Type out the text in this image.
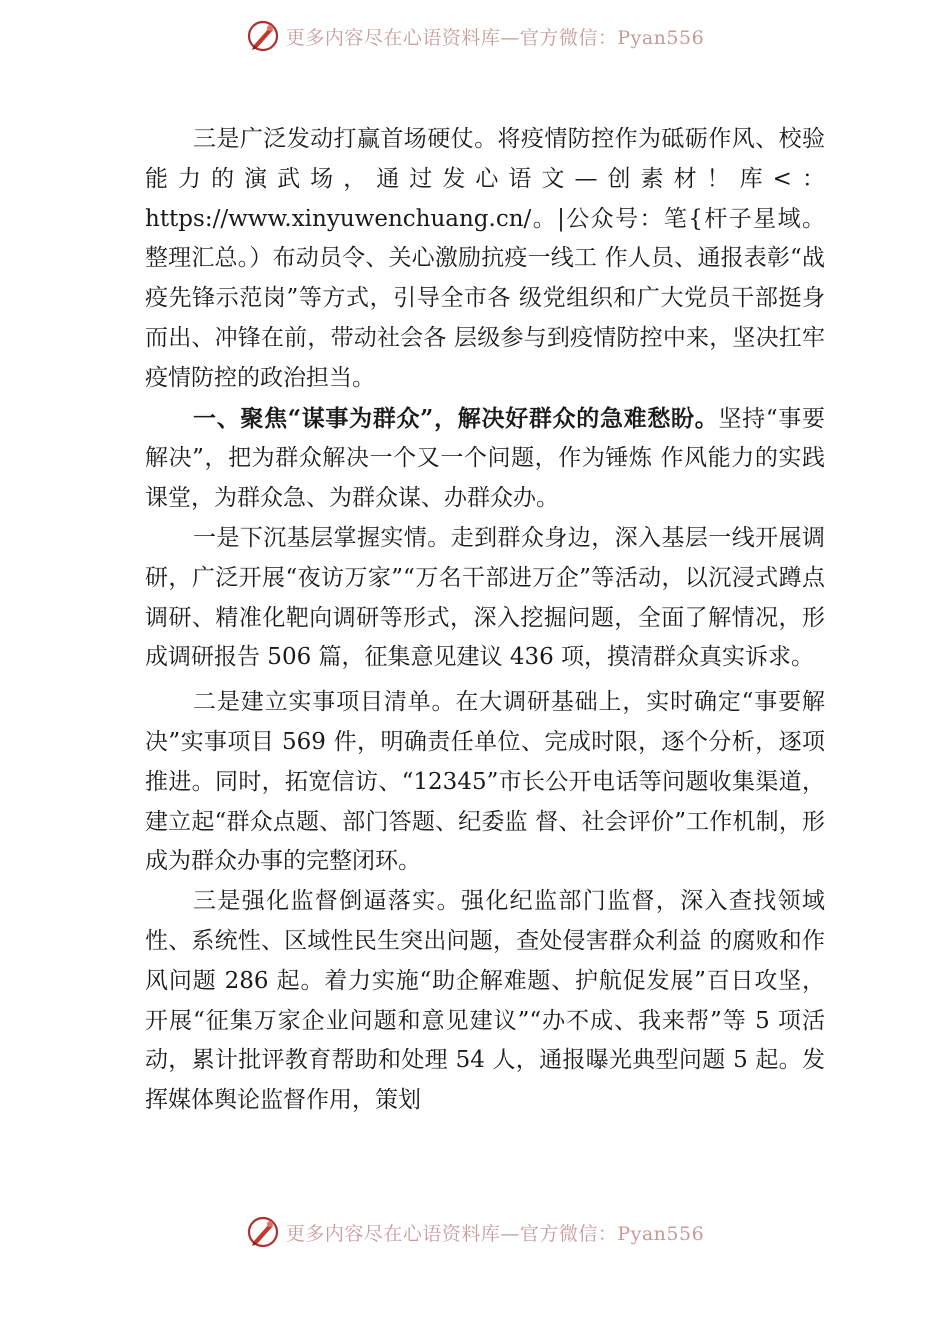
更多内容尽在心语资料库—官方微信：Pyan556

三是广泛发动打赢首场硬仗。将疫情防控作为砥砺作风、校验能力的演武场，通过发心语文—创素材！库<：https://www.xinyuwenchuang.cn/。|公众号：笔{杆子星域。整理汇总。）布动员令、关心激励抗疫一线工 作人员、通报表彰“战疫先锋示范岗”等方式，引导全市各 级党组织和广大党员干部挺身而出、冲锋在前，带动社会各 层级参与到疫情防控中来，坚决扛牢疫情防控的政治担当。

一、聚焦“谋事为群众”，解决好群众的急难愁盼。坚持“事要解决”，把为群众解决一个又一个问题，作为锤炼 作风能力的实践课堂，为群众急、为群众谋、办群众办。

一是下沉基层掌握实情。走到群众身边，深入基层一线开展调研，广泛开展“夜访万家”“万名干部进万企”等活动，以沉浸式蹲点调研、精准化靶向调研等形式，深入挖掘问题，全面了解情况，形成调研报告 506 篇，征集意见建议 436 项，摸清群众真实诉求。

二是建立实事项目清单。在大调研基础上，实时确定“事要解决”实事项目 569 件，明确责任单位、完成时限，逐个分析，逐项推进。同时，拓宽信访、“12345”市长公开电话等问题收集渠道，建立起“群众点题、部门答题、纪委监 督、社会评价”工作机制，形成为群众办事的完整闭环。

三是强化监督倒逼落实。强化纪监部门监督，深入查找领域性、系统性、区域性民生突出问题，查处侵害群众利益 的腐败和作风问题 286 起。着力实施“助企解难题、护航促发展”百日攻坚，开展“征集万家企业问题和意见建议”“办不成、我来帮”等 5 项活动，累计批评教育帮助和处理 54 人，通报曝光典型问题 5 起。发挥媒体舆论监督作用，策划

更多内容尽在心语资料库—官方微信：Pyan556
